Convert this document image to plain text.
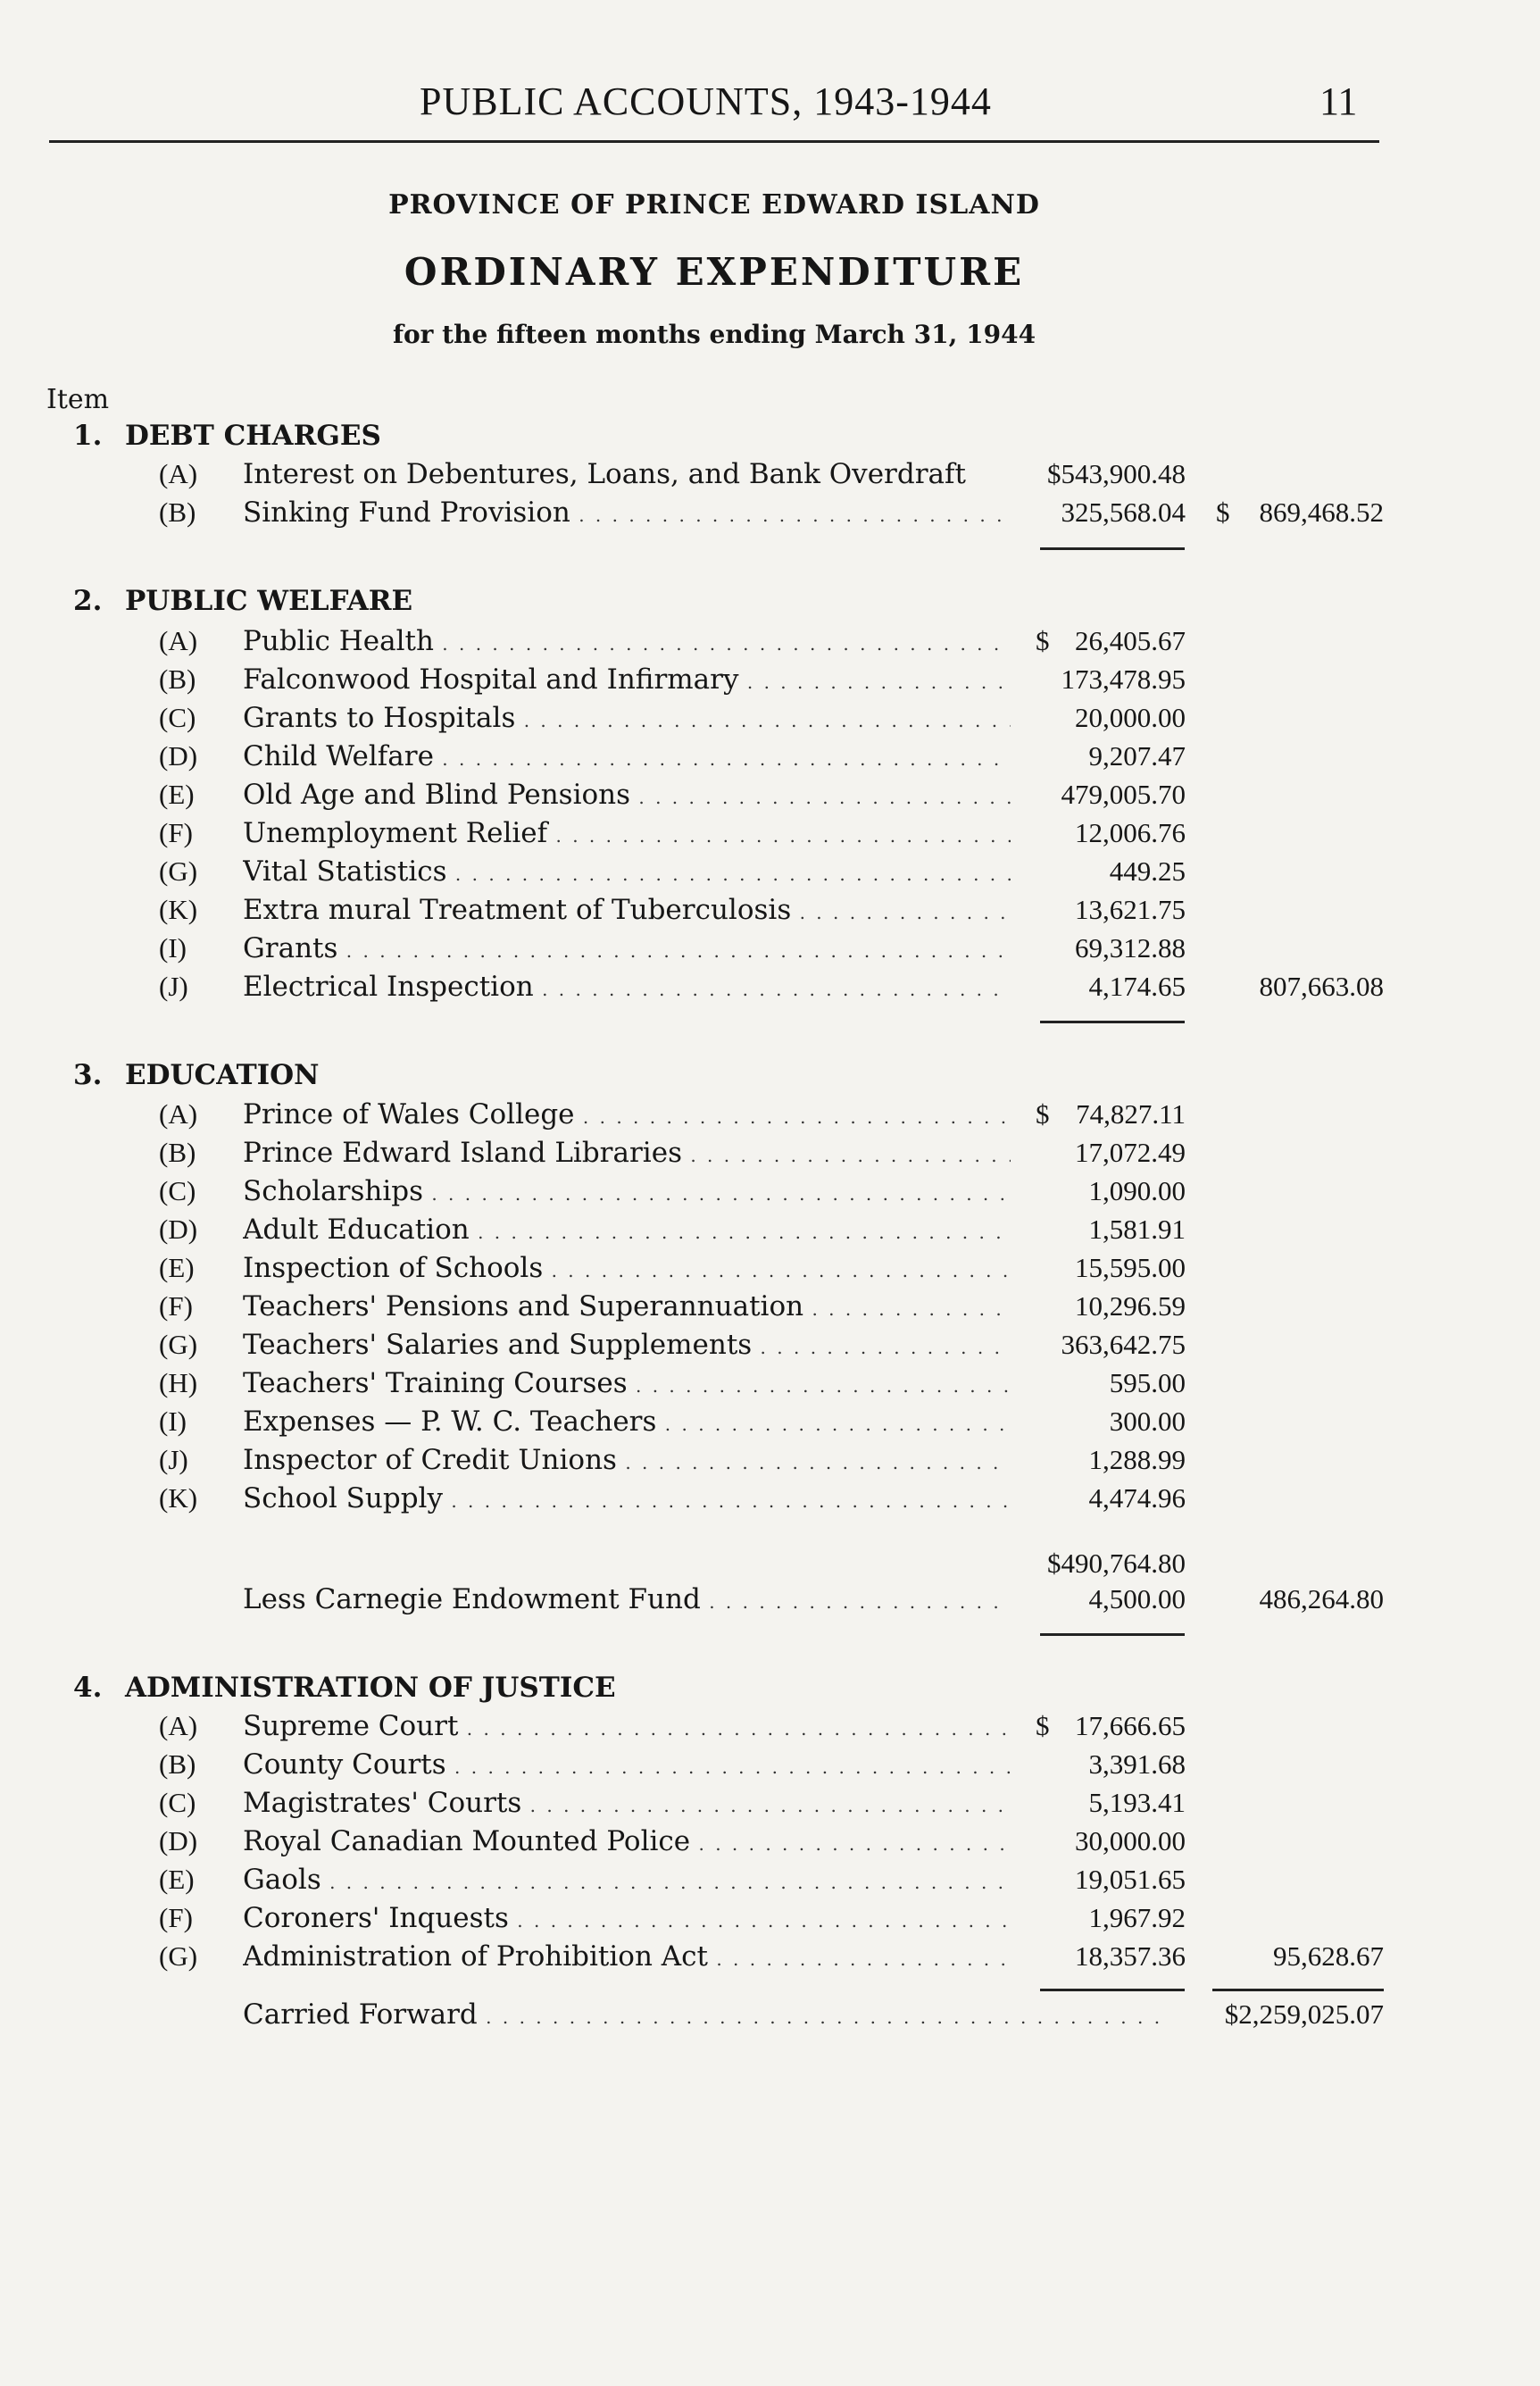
PUBLIC ACCOUNTS, 1943-1944	11
PROVINCE OF PRINCE EDWARD ISLAND
ORDINARY EXPENDITURE
for the fifteen months ending March 31, 1944
Item
1. DEBT CHARGES
(A)	Interest on Debentures, Loans, and Bank Overdraft	$543,900.48
(B)	Sinking Fund Provision . . .	325,568.04 $	869,468.52
2. PUBLIC WELFARE
(A)	Public Health . . .	$ 26,405.67
(B)	Falconwood Hospital and Infirmary . . .	173,478.95
(C)	Grants to Hospitals . . .	20,000.00
(D)	Child Welfare . . .	9,207.47
(E)	Old Age and Blind Pensions . . .	479,005.70
(F)	Unemployment Relief . . .	12,006.76
(G)	Vital Statistics . . .	449.25
(K)	Extra mural Treatment of Tuberculosis . . .	13,621.75
(I)	Grants . . .	69,312.88
(J)	Electrical Inspection . . .	4,174.65	807,663.08
3. EDUCATION
(A)	Prince of Wales College . . .	$ 74,827.11
(B)	Prince Edward Island Libraries . . .	17,072.49
(C)	Scholarships . . .	1,090.00
(D)	Adult Education . . .	1,581.91
(E)	Inspection of Schools . . .	15,595.00
(F)	Teachers' Pensions and Superannuation . . .	10,296.59
(G)	Teachers' Salaries and Supplements . . .	363,642.75
(H)	Teachers' Training Courses . . .	595.00
(I)	Expenses — P. W. C. Teachers . . .	300.00
(J)	Inspector of Credit Unions . . .	1,288.99
(K)	School Supply . . .	4,474.96
$490,764.80
Less Carnegie Endowment Fund . . .	4,500.00	486,264.80
4. ADMINISTRATION OF JUSTICE
(A)	Supreme Court . . .	$ 17,666.65
(B)	County Courts . . .	3,391.68
(C)	Magistrates' Courts . . .	5,193.41
(D)	Royal Canadian Mounted Police . . .	30,000.00
(E)	Gaols . . .	19,051.65
(F)	Coroners' Inquests . . .	1,967.92
(G)	Administration of Prohibition Act . . .	18,357.36	95,628.67
Carried Forward . . .	$2,259,025.07
